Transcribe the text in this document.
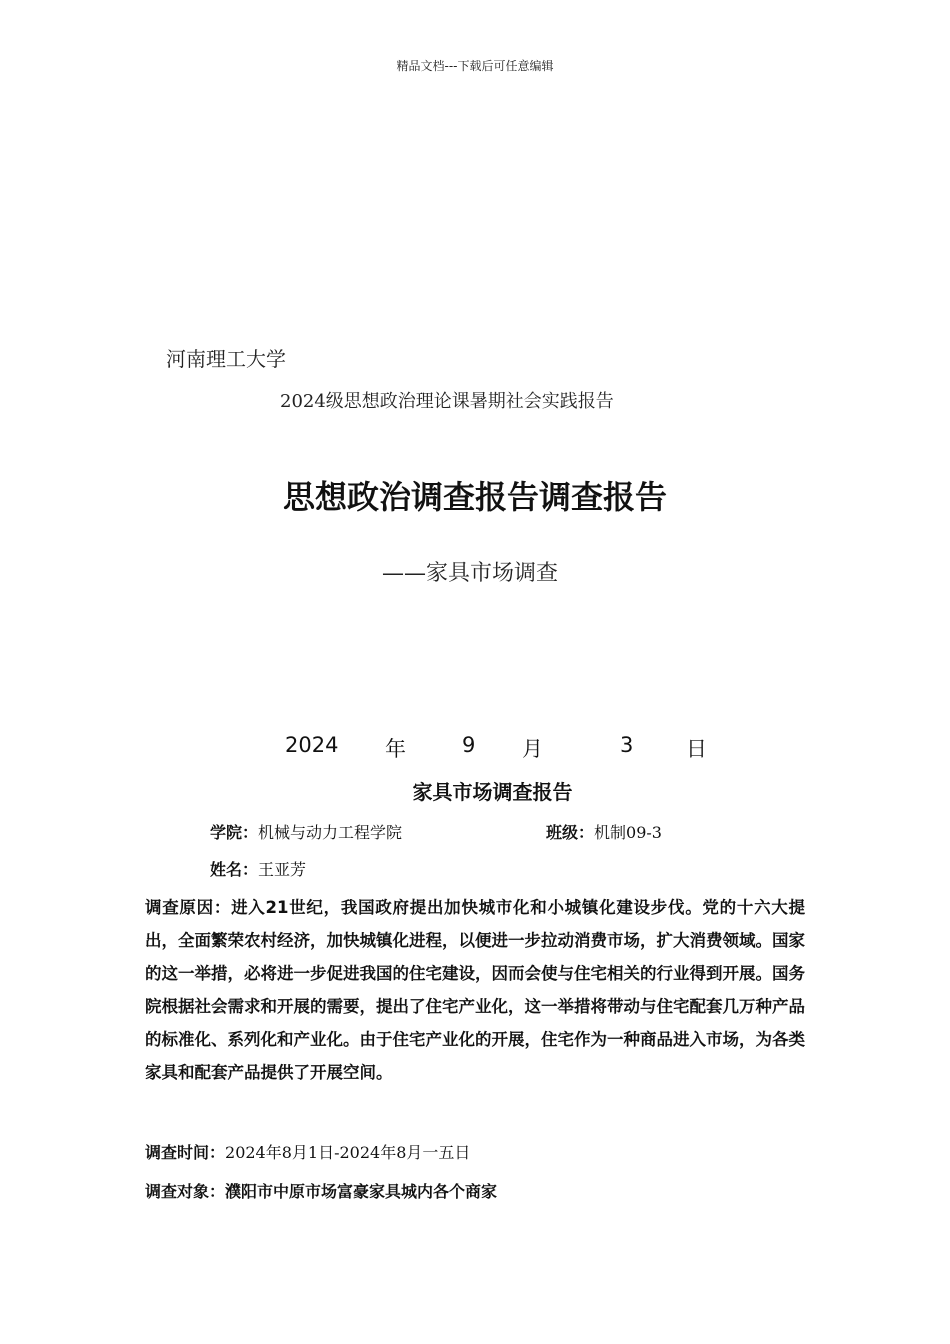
精品文档---下载后可任意编辑
河南理工大学
2024级思想政治理论课暑期社会实践报告
思想政治调查报告调查报告
——家具市场调查
2024 年	9 月	3	日
家具市场调查报告
学院：机械与动力工程学院	班级：机制09-3
姓名：王亚芳
调查原因：进入21世纪，我国政府提出加快城市化和小城镇化建设步伐。党的十六大提出，全面繁荣农村经济，加快城镇化进程，以便进一步拉动消费市场，扩大消费领域。国家的这一举措，必将进一步促进我国的住宅建设，因而会使与住宅相关的行业得到开展。国务院根据社会需求和开展的需要，提出了住宅产业化，这一举措将带动与住宅配套几万种产品的标准化、系列化和产业化。由于住宅产业化的开展，住宅作为一种商品进入市场，为各类家具和配套产品提供了开展空间。
调查时间：2024年8月1日-2024年8月一五日
调查对象：濮阳市中原市场富豪家具城内各个商家
